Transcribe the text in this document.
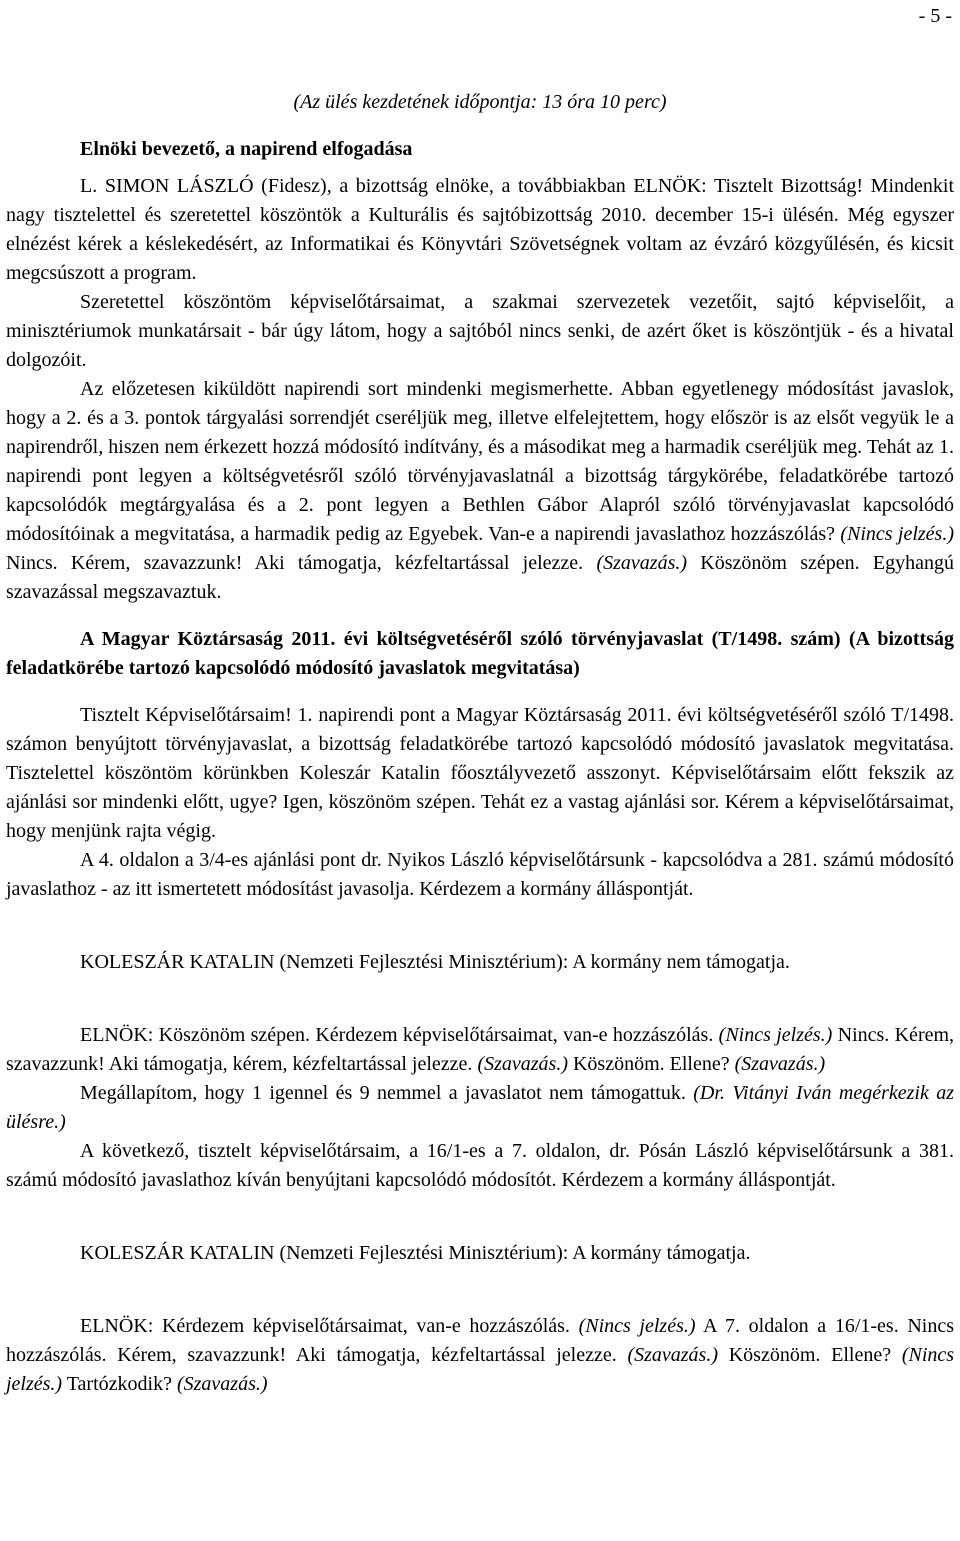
- 5 -
(Az ülés kezdetének időpontja: 13 óra 10 perc)
Elnöki bevezető, a napirend elfogadása

L. SIMON LÁSZLÓ (Fidesz), a bizottság elnöke, a továbbiakban ELNÖK: Tisztelt Bizottság! Mindenkit nagy tisztelettel és szeretettel köszöntök a Kulturális és sajtóbizottság 2010. december 15-i ülésén. Még egyszer elnézést kérek a késlekedésért, az Informatikai és Könyvtári Szövetségnek voltam az évzáró közgyűlésén, és kicsit megcsúszott a program.

Szeretettel köszöntöm képviselőtársaimat, a szakmai szervezetek vezetőit, sajtó képviselőit, a minisztériumok munkatársait - bár úgy látom, hogy a sajtóból nincs senki, de azért őket is köszöntjük - és a hivatal dolgozóit.

Az előzetesen kiküldött napirendi sort mindenki megismerhette. Abban egyetlenegy módosítást javaslok, hogy a 2. és a 3. pontok tárgyalási sorrendjét cseréljük meg, illetve elfelejtettem, hogy először is az elsőt vegyük le a napirendről, hiszen nem érkezett hozzá módosító indítvány, és a másodikat meg a harmadik cseréljük meg. Tehát az 1. napirendi pont legyen a költségvetésről szóló törvényjavaslatnál a bizottság tárgykörébe, feladatkörébe tartozó kapcsolódók megtárgyalása és a 2. pont legyen a Bethlen Gábor Alapról szóló törvényjavaslat kapcsolódó módosítóinak a megvitatása, a harmadik pedig az Egyebek. Van-e a napirendi javaslathoz hozzászólás? (Nincs jelzés.) Nincs. Kérem, szavazzunk! Aki támogatja, kézfeltartással jelezze. (Szavazás.) Köszönöm szépen. Egyhangú szavazással megszavaztuk.

A Magyar Köztársaság 2011. évi költségvetéséről szóló törvényjavaslat (T/1498. szám) (A bizottság feladatkörébe tartozó kapcsolódó módosító javaslatok megvitatása)

Tisztelt Képviselőtársaim! 1. napirendi pont a Magyar Köztársaság 2011. évi költségvetéséről szóló T/1498. számon benyújtott törvényjavaslat, a bizottság feladatkörébe tartozó kapcsolódó módosító javaslatok megvitatása. Tisztelettel köszöntöm körünkben Koleszár Katalin főosztályvezető asszonyt. Képviselőtársaim előtt fekszik az ajánlási sor mindenki előtt, ugye? Igen, köszönöm szépen. Tehát ez a vastag ajánlási sor. Kérem a képviselőtársaimat, hogy menjünk rajta végig.

A 4. oldalon a 3/4-es ajánlási pont dr. Nyikos László képviselőtársunk - kapcsolódva a 281. számú módosító javaslathoz - az itt ismertetett módosítást javasolja. Kérdezem a kormány álláspontját.

KOLESZÁR KATALIN (Nemzeti Fejlesztési Minisztérium): A kormány nem támogatja.

ELNÖK: Köszönöm szépen. Kérdezem képviselőtársaimat, van-e hozzászólás. (Nincs jelzés.) Nincs. Kérem, szavazzunk! Aki támogatja, kérem, kézfeltartással jelezze. (Szavazás.) Köszönöm. Ellene? (Szavazás.)

Megállapítom, hogy 1 igennel és 9 nemmel a javaslatot nem támogattuk. (Dr. Vitányi Iván megérkezik az ülésre.)

A következő, tisztelt képviselőtársaim, a 16/1-es a 7. oldalon, dr. Pósán László képviselőtársunk a 381. számú módosító javaslathoz kíván benyújtani kapcsolódó módosítót. Kérdezem a kormány álláspontját.

KOLESZÁR KATALIN (Nemzeti Fejlesztési Minisztérium): A kormány támogatja.

ELNÖK: Kérdezem képviselőtársaimat, van-e hozzászólás. (Nincs jelzés.) A 7. oldalon a 16/1-es. Nincs hozzászólás. Kérem, szavazzunk! Aki támogatja, kézfeltartással jelezze. (Szavazás.) Köszönöm. Ellene? (Nincs jelzés.) Tartózkodik? (Szavazás.)
